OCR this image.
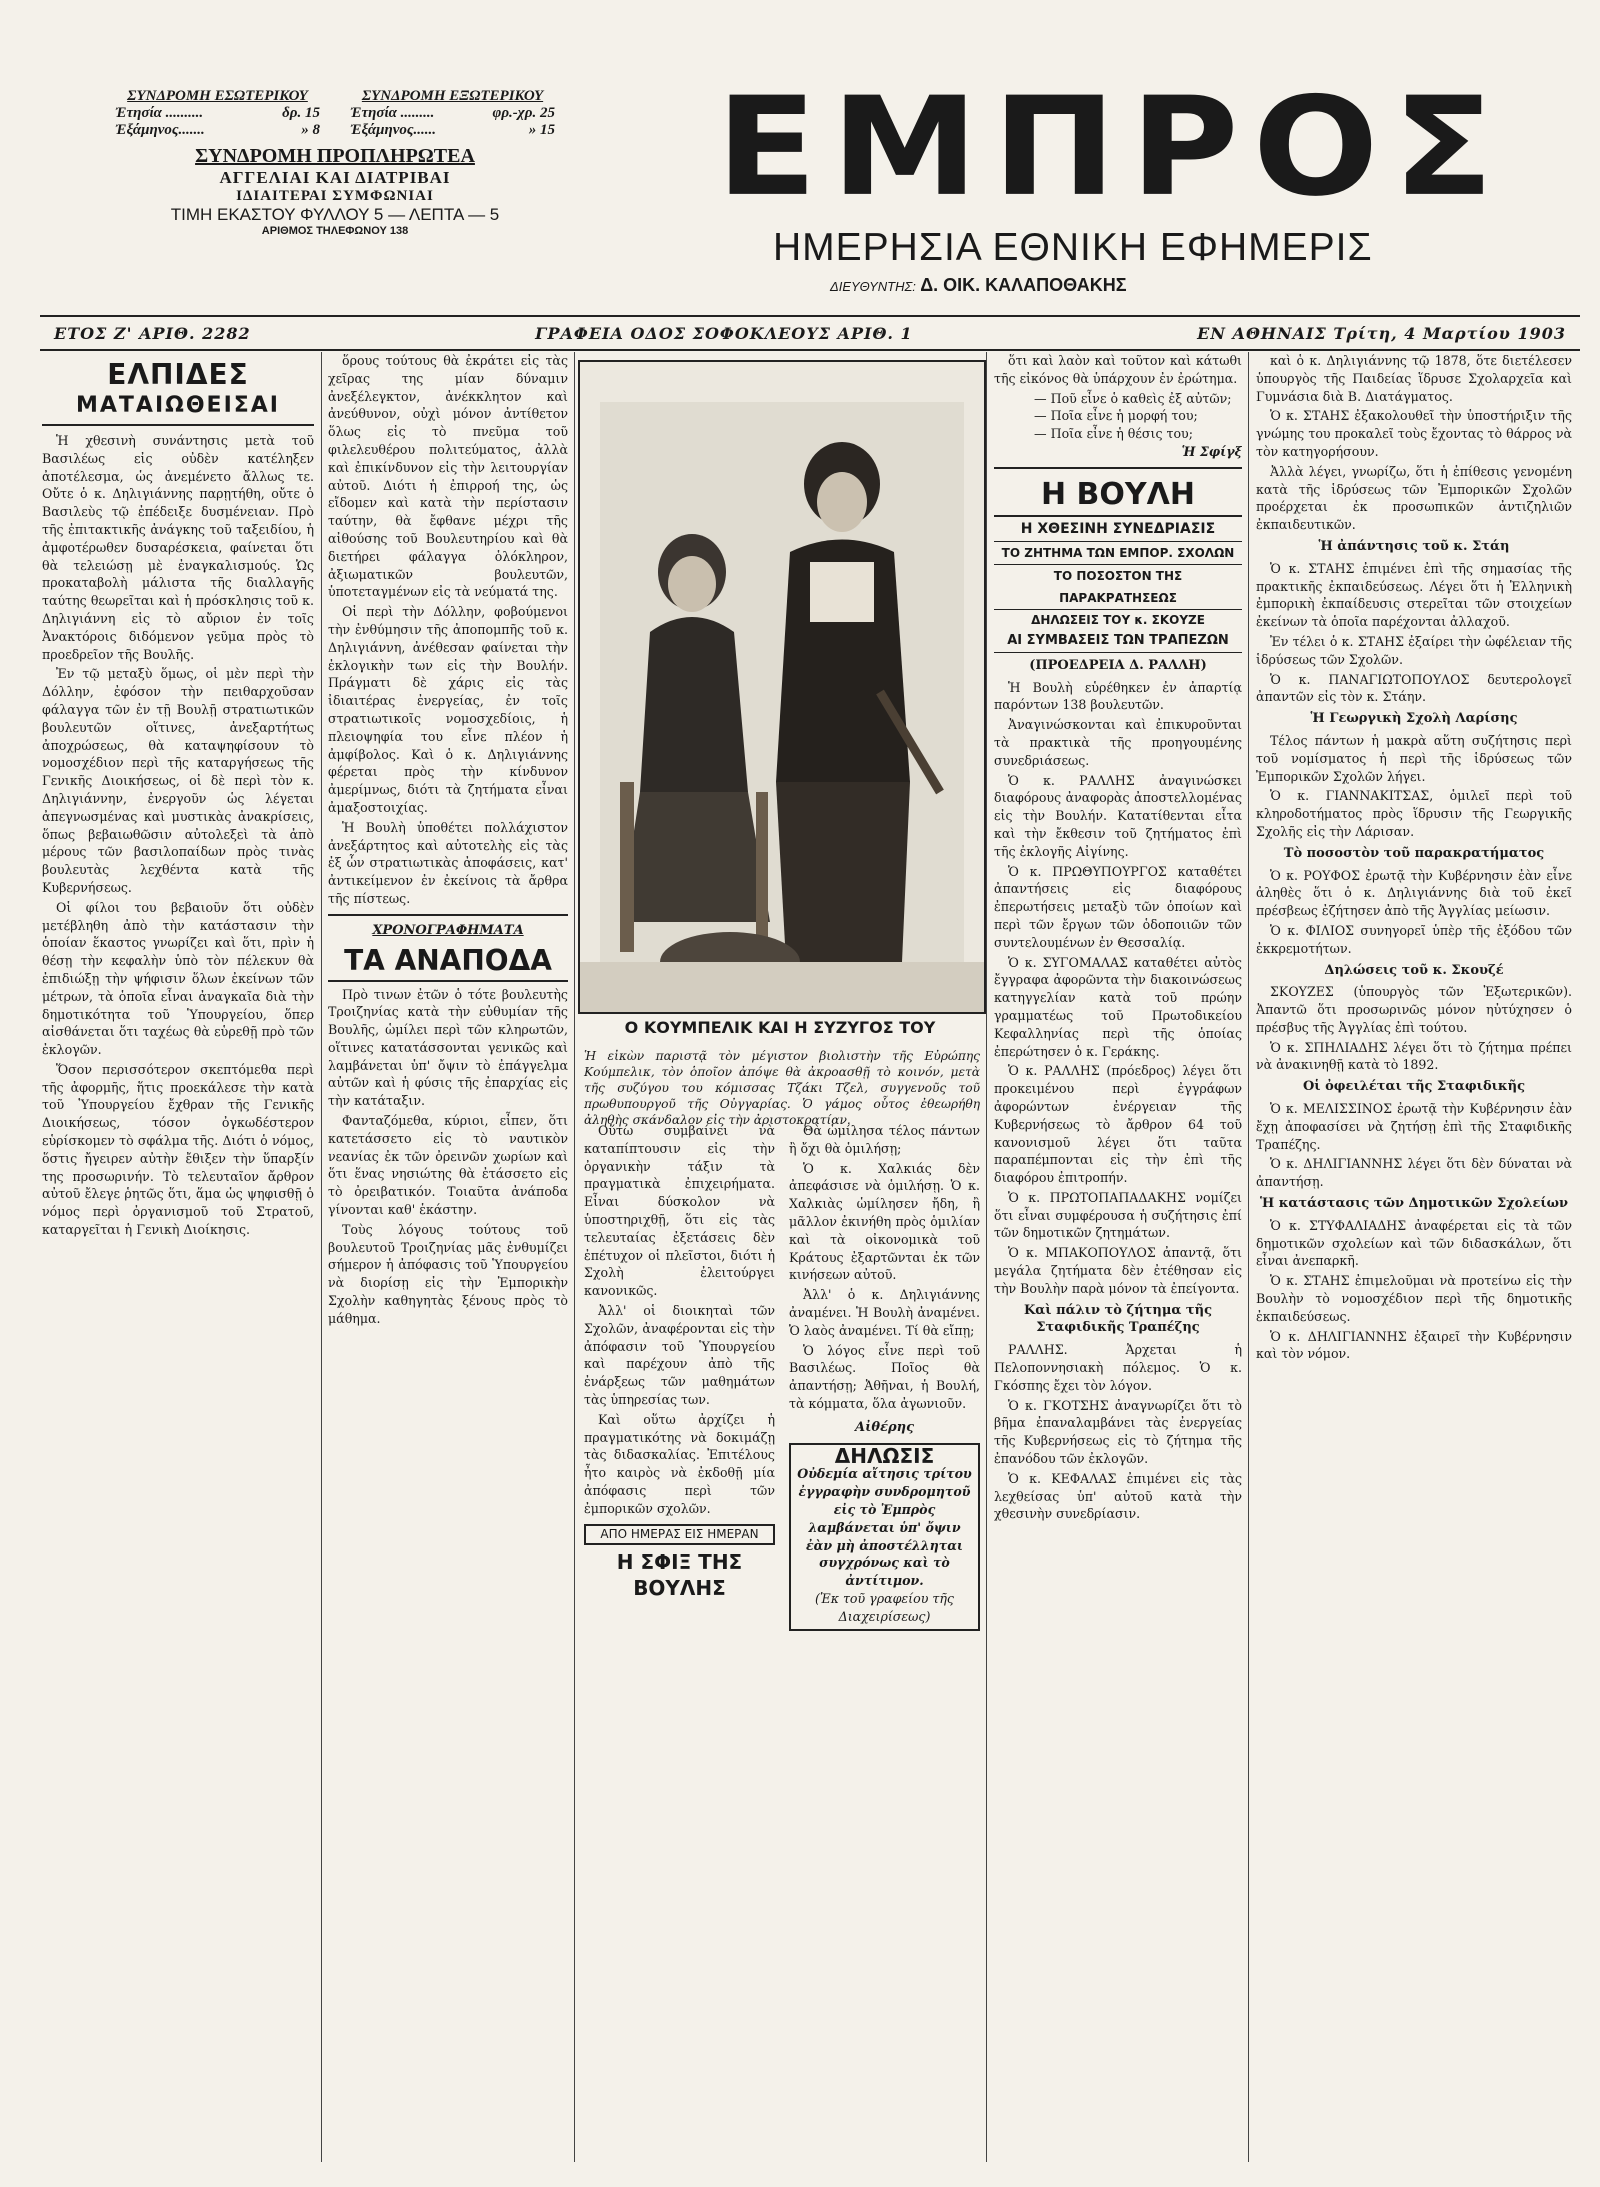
ΣΥΝΔΡΟΜΗ ΕΣΩΤΕΡΙΚΟΥ
Ἐτησία ..........	δρ. 15
Ἐξάμηνος.......	» 8
ΣΥΝΔΡΟΜΗ ΕΞΩΤΕΡΙΚΟΥ
Ἐτησία .........	φρ.-χρ. 25
Ἐξάμηνος......	» 15
ΣΥΝΔΡΟΜΗ ΠΡΟΠΛΗΡΩΤΕΑ
ΑΓΓΕΛΙΑΙ ΚΑΙ ΔΙΑΤΡΙΒΑΙ
ΙΔΙΑΙΤΕΡΑΙ ΣΥΜΦΩΝΙΑΙ
ΤΙΜΗ ΕΚΑΣΤΟΥ ΦΥΛΛΟΥ 5 — ΛΕΠΤΑ — 5
ΑΡΙΘΜΟΣ ΤΗΛΕΦΩΝΟΥ 138
ΕΜΠΡΟΣ
ΗΜΕΡΗΣΙΑ ΕΘΝΙΚΗ ΕΦΗΜΕΡΙΣ
ΔΙΕΥΘΥΝΤΗΣ: Δ. ΟΙΚ. ΚΑΛΑΠΟΘΑΚΗΣ
ΕΤΟΣ Ζ' ΑΡΙΘ. 2282	ΓΡΑΦΕΙΑ ΟΔΟΣ ΣΟΦΟΚΛΕΟΥΣ ΑΡΙΘ. 1	ΕΝ ΑΘΗΝΑΙΣ Τρίτη, 4 Μαρτίου 1903
ΕΛΠΙΔΕΣ
ΜΑΤΑΙΩΘΕΙΣΑΙ

Ἡ χθεσινὴ συνάντησις μετὰ τοῦ Βασιλέως εἰς οὐδὲν κατέληξεν ἀποτέλεσμα, ὡς ἀνεμένετο ἄλλως τε. Οὔτε ὁ κ. Δηλιγιάννης παρῃτήθη, οὔτε ὁ Βασιλεὺς τῷ ἐπέδειξε δυσμένειαν. Πρὸ τῆς ἐπιτακτικῆς ἀνάγκης τοῦ ταξειδίου, ἡ ἀμφοτέρωθεν δυσαρέσκεια, φαίνεται ὅτι θὰ τελειώσῃ μὲ ἐναγκαλισμούς. Ὡς προκαταβολὴ μάλιστα τῆς διαλλαγῆς ταύτης θεωρεῖται καὶ ἡ πρόσκλησις τοῦ κ. Δηλιγιάννη εἰς τὸ αὔριον ἐν τοῖς Ἀνακτόροις διδόμενον γεῦμα πρὸς τὸ προεδρεῖον τῆς Βουλῆς.

Ἐν τῷ μεταξὺ ὅμως, οἱ μὲν περὶ τὴν Δόλλην, ἐφόσον τὴν πειθαρχοῦσαν φάλαγγα τῶν ἐν τῇ Βουλῇ στρατιωτικῶν βουλευτῶν οἵτινες, ἀνεξαρτήτως ἀποχρώσεως, θὰ καταψηφίσουν τὸ νομοσχέδιον περὶ τῆς καταργήσεως τῆς Γενικῆς Διοικήσεως, οἱ δὲ περὶ τὸν κ. Δηλιγιάννην, ἐνεργοῦν ὡς λέγεται ἀπεγνωσμένας καὶ μυστικὰς ἀνακρίσεις, ὅπως βεβαιωθῶσιν αὐτολεξεὶ τὰ ἀπὸ μέρους τῶν βασιλοπαίδων πρὸς τινὰς βουλευτὰς λεχθέντα κατὰ τῆς Κυβερνήσεως.

Οἱ φίλοι του βεβαιοῦν ὅτι οὐδὲν μετέβληθη ἀπὸ τὴν κατάστασιν τὴν ὁποίαν ἕκαστος γνωρίζει καὶ ὅτι, πρὶν ἡ θέσῃ τὴν κεφαλὴν ὑπὸ τὸν πέλεκυν θὰ ἐπιδιώξῃ τὴν ψήφισιν ὅλων ἐκείνων τῶν μέτρων, τὰ ὁποῖα εἶναι ἀναγκαῖα διὰ τὴν δημοτικότητα τοῦ Ὑπουργείου, ὅπερ αἰσθάνεται ὅτι ταχέως θὰ εὑρεθῇ πρὸ τῶν ἐκλογῶν.

Ὅσον περισσότερον σκεπτόμεθα περὶ τῆς ἀφορμῆς, ἥτις προεκάλεσε τὴν κατὰ τοῦ Ὑπουργείου ἔχθραν τῆς Γενικῆς Διοικήσεως, τόσον ὀγκωδέστερον εὑρίσκομεν τὸ σφάλμα τῆς. Διότι ὁ νόμος, ὅστις ἤγειρεν αὐτὴν ἔθιξεν τὴν ὕπαρξίν της προσωρινήν. Τὸ τελευταῖον ἄρθρον αὐτοῦ ἔλεγε ῥητῶς ὅτι, ἅμα ὡς ψηφισθῇ ὁ νόμος περὶ ὀργανισμοῦ τοῦ Στρατοῦ, καταργεῖται ἡ Γενικὴ Διοίκησις.

ὅρους τούτους θὰ ἐκράτει εἰς τὰς χεῖρας της μίαν δύναμιν ἀνεξέλεγκτον, ἀνέκκλητον καὶ ἀνεύθυνον, οὐχὶ μόνον ἀντίθετον ὅλως εἰς τὸ πνεῦμα τοῦ φιλελευθέρου πολιτεύματος, ἀλλὰ καὶ ἐπικίνδυνον εἰς τὴν λειτουργίαν αὐτοῦ. Διότι ἡ ἐπιρροή της, ὡς εἴδομεν καὶ κατὰ τὴν περίστασιν ταύτην, θὰ ἔφθανε μέχρι τῆς αἰθούσης τοῦ Βουλευτηρίου καὶ θὰ διετήρει φάλαγγα ὁλόκληρον, ἀξιωματικῶν βουλευτῶν, ὑποτεταγμένων εἰς τὰ νεύματά της.

Οἱ περὶ τὴν Δόλλην, φοβούμενοι τὴν ἐνθύμησιν τῆς ἀποπομπῆς τοῦ κ. Δηλιγιάννη, ἀνέθεσαν φαίνεται τὴν ἐκλογικὴν των εἰς τὴν Βουλήν. Πράγματι δὲ χάρις εἰς τὰς ἰδιαιτέρας ἐνεργείας, ἐν τοῖς στρατιωτικοῖς νομοσχεδίοις, ἡ πλειοψηφία του εἶνε πλέον ἡ ἀμφίβολος. Καὶ ὁ κ. Δηλιγιάννης φέρεται πρὸς τὴν κίνδυνον ἀμερίμνως, διότι τὰ ζητήματα εἶναι ἀμαξοστοιχίας.

Ἡ Βουλὴ ὑποθέτει πολλάχιστον ἀνεξάρτητος καὶ αὐτοτελὴς εἰς τὰς ἐξ ὧν στρατιωτικὰς ἀποφάσεις, κατ' ἀντικείμενον ἐν ἐκείνοις τὰ ἄρθρα τῆς πίστεως.

ΧΡΟΝΟΓΡΑΦΗΜΑΤΑ
ΤΑ ΑΝΑΠΟΔΑ

Πρὸ τινων ἐτῶν ὁ τότε βουλευτὴς Τροιζηνίας κατὰ τὴν εὐθυμίαν τῆς Βουλῆς, ὡμίλει περὶ τῶν κληρωτῶν, οἵτινες κατατάσσονται γενικῶς καὶ λαμβάνεται ὑπ' ὄψιν τὸ ἐπάγγελμα αὐτῶν καὶ ἡ φύσις τῆς ἐπαρχίας εἰς τὴν κατάταξιν.

Φανταζόμεθα, κύριοι, εἶπεν, ὅτι κατετάσσετο εἰς τὸ ναυτικὸν νεανίας ἐκ τῶν ὀρεινῶν χωρίων καὶ ὅτι ἕνας νησιώτης θὰ ἐτάσσετο εἰς τὸ ὀρειβατικόν. Τοιαῦτα ἀνάποδα γίνονται καθ' ἑκάστην.

Τοὺς λόγους τούτους τοῦ βουλευτοῦ Τροιζηνίας μᾶς ἐνθυμίζει σήμερον ἡ ἀπόφασις τοῦ Ὑπουργείου νὰ διορίσῃ εἰς τὴν Ἐμπορικὴν Σχολὴν καθηγητὰς ξένους πρὸς τὸ μάθημα.

Ο ΚΟΥΜΠΕΛΙΚ ΚΑΙ Η ΣΥΖΥΓΟΣ ΤΟΥ
Ἡ εἰκὼν παριστᾷ τὸν μέγιστον βιολιστὴν τῆς Εὐρώπης Κούμπελικ, τὸν ὁποῖον ἀπόψε θὰ ἀκροασθῇ τὸ κοινόν, μετὰ τῆς συζύγου του κόμισσας Τζάκι Τζελ, συγγενοῦς τοῦ πρωθυπουργοῦ τῆς Οὐγγαρίας. Ὁ γάμος οὗτος ἐθεωρήθη ἀληθὴς σκάνδαλον εἰς τὴν ἀριστοκρατίαν.

Οὕτω συμβαίνει νὰ καταπίπτουσιν εἰς τὴν ὀργανικὴν τάξιν τὰ πραγματικὰ ἐπιχειρήματα. Εἶναι δύσκολον νὰ ὑποστηριχθῇ, ὅτι εἰς τὰς τελευταίας ἐξετάσεις δὲν ἐπέτυχον οἱ πλεῖστοι, διότι ἡ Σχολὴ ἐλειτούργει κανονικῶς.

Ἀλλ' οἱ διοικηταὶ τῶν Σχολῶν, ἀναφέρονται εἰς τὴν ἀπόφασιν τοῦ Ὑπουργείου καὶ παρέχουν ἀπὸ τῆς ἐνάρξεως τῶν μαθημάτων τὰς ὑπηρεσίας των.

Καὶ οὕτω ἀρχίζει ἡ πραγματικότης νὰ δοκιμάζῃ τὰς διδασκαλίας. Ἐπιτέλους ἦτο καιρὸς νὰ ἐκδοθῇ μία ἀπόφασις περὶ τῶν ἐμπορικῶν σχολῶν.

ΑΠΟ ΗΜΕΡΑΣ ΕΙΣ ΗΜΕΡΑΝ
Η ΣΦΙΞ ΤΗΣ ΒΟΥΛΗΣ

Θὰ ὡμίλησα τέλος πάντων ἢ ὄχι θὰ ὁμιλήσῃ;

Ὁ κ. Χαλκιάς δὲν ἀπεφάσισε νὰ ὁμιλήσῃ. Ὁ κ. Χαλκιὰς ὡμίλησεν ἤδη, ἢ μᾶλλον ἐκινήθη πρὸς ὁμιλίαν καὶ τὰ οἰκονομικὰ τοῦ Κράτους ἐξαρτῶνται ἐκ τῶν κινήσεων αὐτοῦ.

Ἀλλ' ὁ κ. Δηλιγιάννης ἀναμένει. Ἡ Βουλὴ ἀναμένει. Ὁ λαὸς ἀναμένει. Τί θὰ εἴπῃ;

Ὁ λόγος εἶνε περὶ τοῦ Βασιλέως. Ποῖος θὰ ἀπαντήσῃ; Ἀθῆναι, ἡ Βουλή, τὰ κόμματα, ὅλα ἀγωνιοῦν.

Αἰθέρης
ΔΗΛΩΣΙΣ
Οὐδεμία αἴτησις τρίτου ἐγγραφὴν συνδρομητοῦ εἰς τὸ Ἐμπρὸς λαμβάνεται ὑπ' ὄψιν ἐὰν μὴ ἀποστέλληται συγχρόνως καὶ τὸ ἀντίτιμον.
(Ἐκ τοῦ γραφείου τῆς Διαχειρίσεως)

ὅτι καὶ λαὸν καὶ τοῦτον καὶ κάτωθι τῆς εἰκόνος θὰ ὑπάρχουν ἐν ἐρώτημα.

— Ποῦ εἶνε ὁ καθεὶς ἐξ αὐτῶν;
— Ποῖα εἶνε ἡ μορφή του;
— Ποῖα εἶνε ἡ θέσις του;
Ἡ Σφίγξ
Η ΒΟΥΛΗ
Η ΧΘΕΣΙΝΗ ΣΥΝΕΔΡΙΑΣΙΣ
ΤΟ ΖΗΤΗΜΑ ΤΩΝ ΕΜΠΟΡ. ΣΧΟΛΩΝ
ΤΟ ΠΟΣΟΣΤΟΝ ΤΗΣ ΠΑΡΑΚΡΑΤΗΣΕΩΣ
ΔΗΛΩΣΕΙΣ ΤΟΥ κ. ΣΚΟΥΖΕ
ΑΙ ΣΥΜΒΑΣΕΙΣ ΤΩΝ ΤΡΑΠΕΖΩΝ
(ΠΡΟΕΔΡΕΙΑ Δ. ΡΑΛΛΗ)

Ἡ Βουλὴ εὑρέθηκεν ἐν ἀπαρτίᾳ παρόντων 138 βουλευτῶν.

Ἀναγινώσκονται καὶ ἐπικυροῦνται τὰ πρακτικὰ τῆς προηγουμένης συνεδριάσεως.

Ὁ κ. ΡΑΛΛΗΣ ἀναγινώσκει διαφόρους ἀναφορὰς ἀποστελλομένας εἰς τὴν Βουλήν. Κατατίθενται εἶτα καὶ τὴν ἔκθεσιν τοῦ ζητήματος ἐπὶ τῆς ἐκλογῆς Αἰγίνης.

Ὁ κ. ΠΡΩΘΥΠΟΥΡΓΟΣ καταθέτει ἀπαντήσεις εἰς διαφόρους ἐπερωτήσεις μεταξὺ τῶν ὁποίων καὶ περὶ τῶν ἔργων τῶν ὁδοποιιῶν τῶν συντελουμένων ἐν Θεσσαλίᾳ.

Ὁ κ. ΣΥΓΟΜΑΛΑΣ καταθέτει αὐτὸς ἔγγραφα ἀφορῶντα τὴν διακοινώσεως κατηγγελίαν κατὰ τοῦ πρώην γραμματέως τοῦ Πρωτοδικείου Κεφαλληνίας περὶ τῆς ὁποίας ἐπερώτησεν ὁ κ. Γεράκης.

Ὁ κ. ΡΑΛΛΗΣ (πρόεδρος) λέγει ὅτι προκειμένου περὶ ἐγγράφων ἀφορώντων ἐνέργειαν τῆς Κυβερνήσεως τὸ ἄρθρον 64 τοῦ κανονισμοῦ λέγει ὅτι ταῦτα παραπέμπονται εἰς τὴν ἐπὶ τῆς διαφόρου ἐπιτροπήν.

Ὁ κ. ΠΡΩΤΟΠΑΠΑΔΑΚΗΣ νομίζει ὅτι εἶναι συμφέρουσα ἡ συζήτησις ἐπί τῶν δημοτικῶν ζητημάτων.

Ὁ κ. ΜΠΑΚΟΠΟΥΛΟΣ ἀπαντᾷ, ὅτι μεγάλα ζητήματα δὲν ἐτέθησαν εἰς τὴν Βουλὴν παρὰ μόνον τὰ ἐπείγοντα.

Καὶ πάλιν τὸ ζήτημα τῆς Σταφιδικῆς Τραπέζης

ΡΑΛΛΗΣ. Ἀρχεται ἡ Πελοποννησιακὴ πόλεμος. Ὁ κ. Γκόσπης ἔχει τὸν λόγον.

Ὁ κ. ΓΚΟΤΣΗΣ ἀναγνωρίζει ὅτι τὸ βῆμα ἐπαναλαμβάνει τὰς ἐνεργείας τῆς Κυβερνήσεως εἰς τὸ ζήτημα τῆς ἐπανόδου τῶν ἐκλογῶν.

Ὁ κ. ΚΕΦΑΛΑΣ ἐπιμένει εἰς τὰς λεχθείσας ὑπ' αὐτοῦ κατὰ τὴν χθεσινὴν συνεδρίασιν.

καὶ ὁ κ. Δηλιγιάννης τῷ 1878, ὅτε διετέλεσεν ὑπουργὸς τῆς Παιδείας ἵδρυσε Σχολαρχεῖα καὶ Γυμνάσια διὰ Β. Διατάγματος.

Ὁ κ. ΣΤΑΗΣ ἐξακολουθεῖ τὴν ὑποστήριξιν τῆς γνώμης του προκαλεῖ τοὺς ἔχοντας τὸ θάρρος νὰ τὸν κατηγορήσουν.

Ἀλλὰ λέγει, γνωρίζω, ὅτι ἡ ἐπίθεσις γενομένη κατὰ τῆς ἱδρύσεως τῶν Ἐμπορικῶν Σχολῶν προέρχεται ἐκ προσωπικῶν ἀντιζηλιῶν ἐκπαιδευτικῶν.

Ἡ ἀπάντησις τοῦ κ. Στάη

Ὁ κ. ΣΤΑΗΣ ἐπιμένει ἐπὶ τῆς σημασίας τῆς πρακτικῆς ἐκπαιδεύσεως. Λέγει ὅτι ἡ Ἑλληνικὴ ἐμπορικὴ ἐκπαίδευσις στερεῖται τῶν στοιχείων ἐκείνων τὰ ὁποῖα παρέχονται ἀλλαχοῦ.

Ἐν τέλει ὁ κ. ΣΤΑΗΣ ἐξαίρει τὴν ὠφέλειαν τῆς ἱδρύσεως τῶν Σχολῶν.

Ὁ κ. ΠΑΝΑΓΙΩΤΟΠΟΥΛΟΣ δευτερολογεῖ ἀπαντῶν εἰς τὸν κ. Στάην.

Ἡ Γεωργικὴ Σχολὴ Λαρίσης

Τέλος πάντων ἡ μακρὰ αὕτη συζήτησις περὶ τοῦ νομίσματος ἡ περὶ τῆς ἱδρύσεως τῶν Ἐμπορικῶν Σχολῶν λήγει.

Ὁ κ. ΓΙΑΝΝΑΚΙΤΣΑΣ, ὁμιλεῖ περὶ τοῦ κληροδοτήματος πρὸς ἵδρυσιν τῆς Γεωργικῆς Σχολῆς εἰς τὴν Λάρισαν.

Τὸ ποσοστὸν τοῦ παρακρατήματος

Ὁ κ. ΡΟΥΦΟΣ ἐρωτᾷ τὴν Κυβέρνησιν ἐὰν εἶνε ἀληθὲς ὅτι ὁ κ. Δηλιγιάννης διὰ τοῦ ἐκεῖ πρέσβεως ἐζήτησεν ἀπὸ τῆς Ἀγγλίας μείωσιν.

Ὁ κ. ΦΙΛΙΟΣ συνηγορεῖ ὑπὲρ τῆς ἐξόδου τῶν ἐκκρεμοτήτων.

Δηλώσεις τοῦ κ. Σκουζέ

ΣΚΟΥΖΕΣ (ὑπουργὸς τῶν Ἐξωτερικῶν). Ἀπαντῶ ὅτι προσωρινῶς μόνον ηὐτύχησεν ὁ πρέσβυς τῆς Ἀγγλίας ἐπὶ τούτου.

Ὁ κ. ΣΠΗΛΙΑΔΗΣ λέγει ὅτι τὸ ζήτημα πρέπει νὰ ἀνακινηθῇ κατὰ τὸ 1892.

Οἱ ὀφειλέται τῆς Σταφιδικῆς

Ὁ κ. ΜΕΛΙΣΣΙΝΟΣ ἐρωτᾷ τὴν Κυβέρνησιν ἐὰν ἔχῃ ἀποφασίσει νὰ ζητήσῃ ἐπὶ τῆς Σταφιδικῆς Τραπέζης.

Ὁ κ. ΔΗΛΙΓΙΑΝΝΗΣ λέγει ὅτι δὲν δύναται νὰ ἀπαντήσῃ.

Ἡ κατάστασις τῶν Δημοτικῶν Σχολείων

Ὁ κ. ΣΤΥΦΑΛΙΑΔΗΣ ἀναφέρεται εἰς τὰ τῶν δημοτικῶν σχολείων καὶ τῶν διδασκάλων, ὅτι εἶναι ἀνεπαρκῆ.

Ὁ κ. ΣΤΑΗΣ ἐπιμελοῦμαι νὰ προτείνω εἰς τὴν Βουλὴν τὸ νομοσχέδιον περὶ τῆς δημοτικῆς ἐκπαιδεύσεως.

Ὁ κ. ΔΗΛΙΓΙΑΝΝΗΣ ἐξαιρεῖ τὴν Κυβέρνησιν καὶ τὸν νόμον.
